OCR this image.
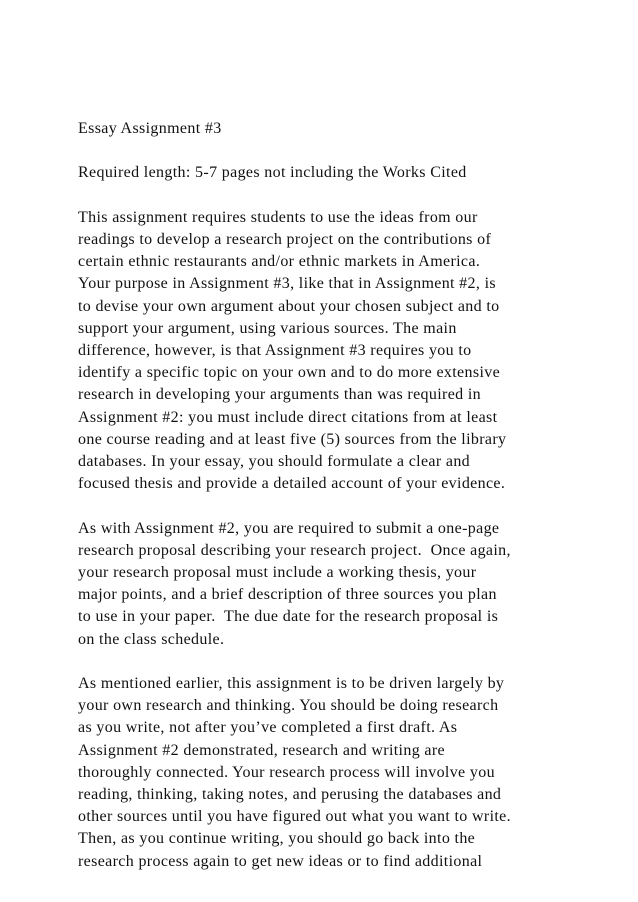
Essay Assignment #3
Required length: 5-7 pages not including the Works Cited
This assignment requires students to use the ideas from our
readings to develop a research project on the contributions of
certain ethnic restaurants and/or ethnic markets in America.
Your purpose in Assignment #3, like that in Assignment #2, is
to devise your own argument about your chosen subject and to
support your argument, using various sources. The main
difference, however, is that Assignment #3 requires you to
identify a specific topic on your own and to do more extensive
research in developing your arguments than was required in
Assignment #2: you must include direct citations from at least
one course reading and at least five (5) sources from the library
databases. In your essay, you should formulate a clear and
focused thesis and provide a detailed account of your evidence.
As with Assignment #2, you are required to submit a one-page
research proposal describing your research project.  Once again,
your research proposal must include a working thesis, your
major points, and a brief description of three sources you plan
to use in your paper.  The due date for the research proposal is
on the class schedule.
As mentioned earlier, this assignment is to be driven largely by
your own research and thinking. You should be doing research
as you write, not after you’ve completed a first draft. As
Assignment #2 demonstrated, research and writing are
thoroughly connected. Your research process will involve you
reading, thinking, taking notes, and perusing the databases and
other sources until you have figured out what you want to write.
Then, as you continue writing, you should go back into the
research process again to get new ideas or to find additional
